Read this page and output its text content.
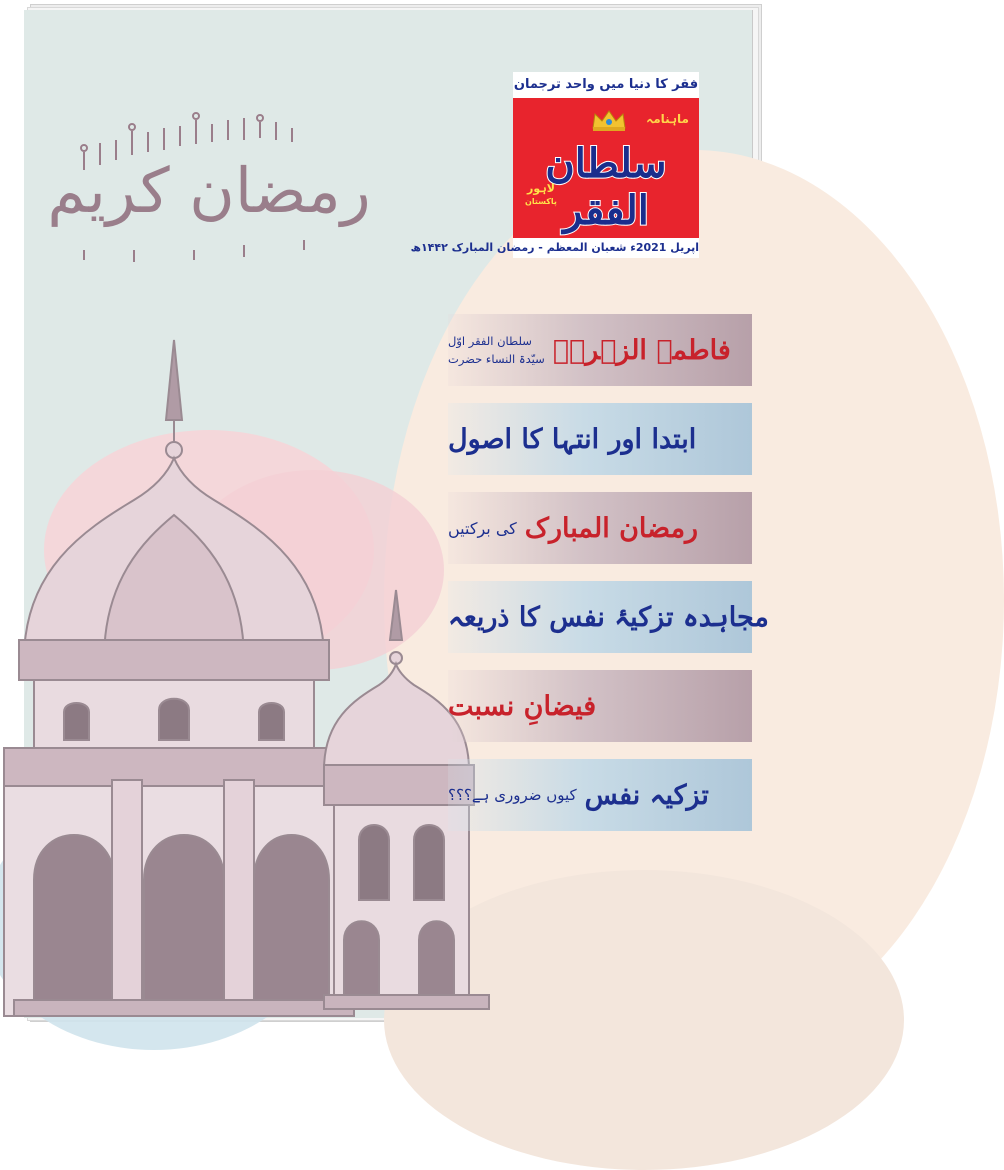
رمضان کریم
فقر کا دنیا میں واحد ترجمان
ماہنامہ
سلطان الفقر
لاہور
پاکستان
اپریل 2021ء شعبان المعظم - رمضان المبارک ۱۴۴۲ھ
فاطمۃ الزہراؓ
سلطان الفقر اوّل
سیّدۃ النساء حضرت
ابتدا اور انتہا کا اصول
رمضان المبارک
کی برکتیں
مجاہدہ تزکیۂ نفس کا ذریعہ
فیضانِ نسبت
تزکیہ نفس
کیوں ضروری ہے؟؟؟
